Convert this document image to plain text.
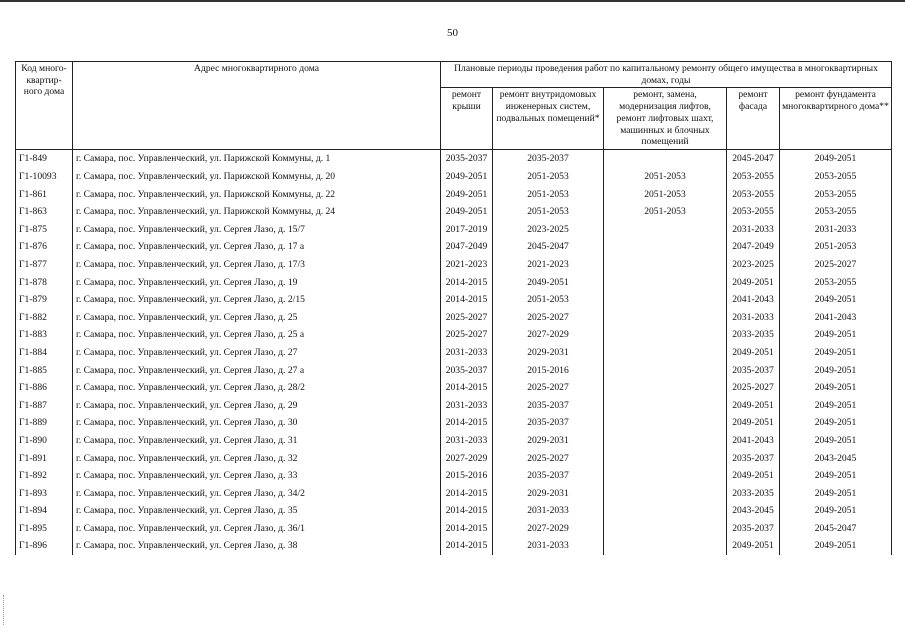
50
Код много-квартир-ного дома	Адрес многоквартирного дома	Плановые периоды проведения работ по капитальному ремонту общего имущества в многоквартирных домах, годы				
		ремонт крыши	ремонт внутридомовых инженерных систем, подвальных помещений*	ремонт, замена, модернизация лифтов, ремонт лифтовых шахт, машинных и блочных помещений	ремонт фасада	ремонт фундамента многоквартирного дома**
Г1-849	г. Самара, пос. Управленческий, ул. Парижской Коммуны, д. 1	2035-2037	2035-2037		2045-2047	2049-2051
Г1-10093	г. Самара, пос. Управленческий, ул. Парижской Коммуны, д. 20	2049-2051	2051-2053	2051-2053	2053-2055	2053-2055
Г1-861	г. Самара, пос. Управленческий, ул. Парижской Коммуны, д. 22	2049-2051	2051-2053	2051-2053	2053-2055	2053-2055
Г1-863	г. Самара, пос. Управленческий, ул. Парижской Коммуны, д. 24	2049-2051	2051-2053	2051-2053	2053-2055	2053-2055
Г1-875	г. Самара, пос. Управленческий, ул. Сергея Лазо, д. 15/7	2017-2019	2023-2025		2031-2033	2031-2033
Г1-876	г. Самара, пос. Управленческий, ул. Сергея Лазо, д. 17 а	2047-2049	2045-2047		2047-2049	2051-2053
Г1-877	г. Самара, пос. Управленческий, ул. Сергея Лазо, д. 17/3	2021-2023	2021-2023		2023-2025	2025-2027
Г1-878	г. Самара, пос. Управленческий, ул. Сергея Лазо, д. 19	2014-2015	2049-2051		2049-2051	2053-2055
Г1-879	г. Самара, пос. Управленческий, ул. Сергея Лазо, д. 2/15	2014-2015	2051-2053		2041-2043	2049-2051
Г1-882	г. Самара, пос. Управленческий, ул. Сергея Лазо, д. 25	2025-2027	2025-2027		2031-2033	2041-2043
Г1-883	г. Самара, пос. Управленческий, ул. Сергея Лазо, д. 25 а	2025-2027	2027-2029		2033-2035	2049-2051
Г1-884	г. Самара, пос. Управленческий, ул. Сергея Лазо, д. 27	2031-2033	2029-2031		2049-2051	2049-2051
Г1-885	г. Самара, пос. Управленческий, ул. Сергея Лазо, д. 27 а	2035-2037	2015-2016		2035-2037	2049-2051
Г1-886	г. Самара, пос. Управленческий, ул. Сергея Лазо, д. 28/2	2014-2015	2025-2027		2025-2027	2049-2051
Г1-887	г. Самара, пос. Управленческий, ул. Сергея Лазо, д. 29	2031-2033	2035-2037		2049-2051	2049-2051
Г1-889	г. Самара, пос. Управленческий, ул. Сергея Лазо, д. 30	2014-2015	2035-2037		2049-2051	2049-2051
Г1-890	г. Самара, пос. Управленческий, ул. Сергея Лазо, д. 31	2031-2033	2029-2031		2041-2043	2049-2051
Г1-891	г. Самара, пос. Управленческий, ул. Сергея Лазо, д. 32	2027-2029	2025-2027		2035-2037	2043-2045
Г1-892	г. Самара, пос. Управленческий, ул. Сергея Лазо, д. 33	2015-2016	2035-2037		2049-2051	2049-2051
Г1-893	г. Самара, пос. Управленческий, ул. Сергея Лазо, д. 34/2	2014-2015	2029-2031		2033-2035	2049-2051
Г1-894	г. Самара, пос. Управленческий, ул. Сергея Лазо, д. 35	2014-2015	2031-2033		2043-2045	2049-2051
Г1-895	г. Самара, пос. Управленческий, ул. Сергея Лазо, д. 36/1	2014-2015	2027-2029		2035-2037	2045-2047
Г1-896	г. Самара, пос. Управленческий, ул. Сергея Лазо, д. 38	2014-2015	2031-2033		2049-2051	2049-2051
